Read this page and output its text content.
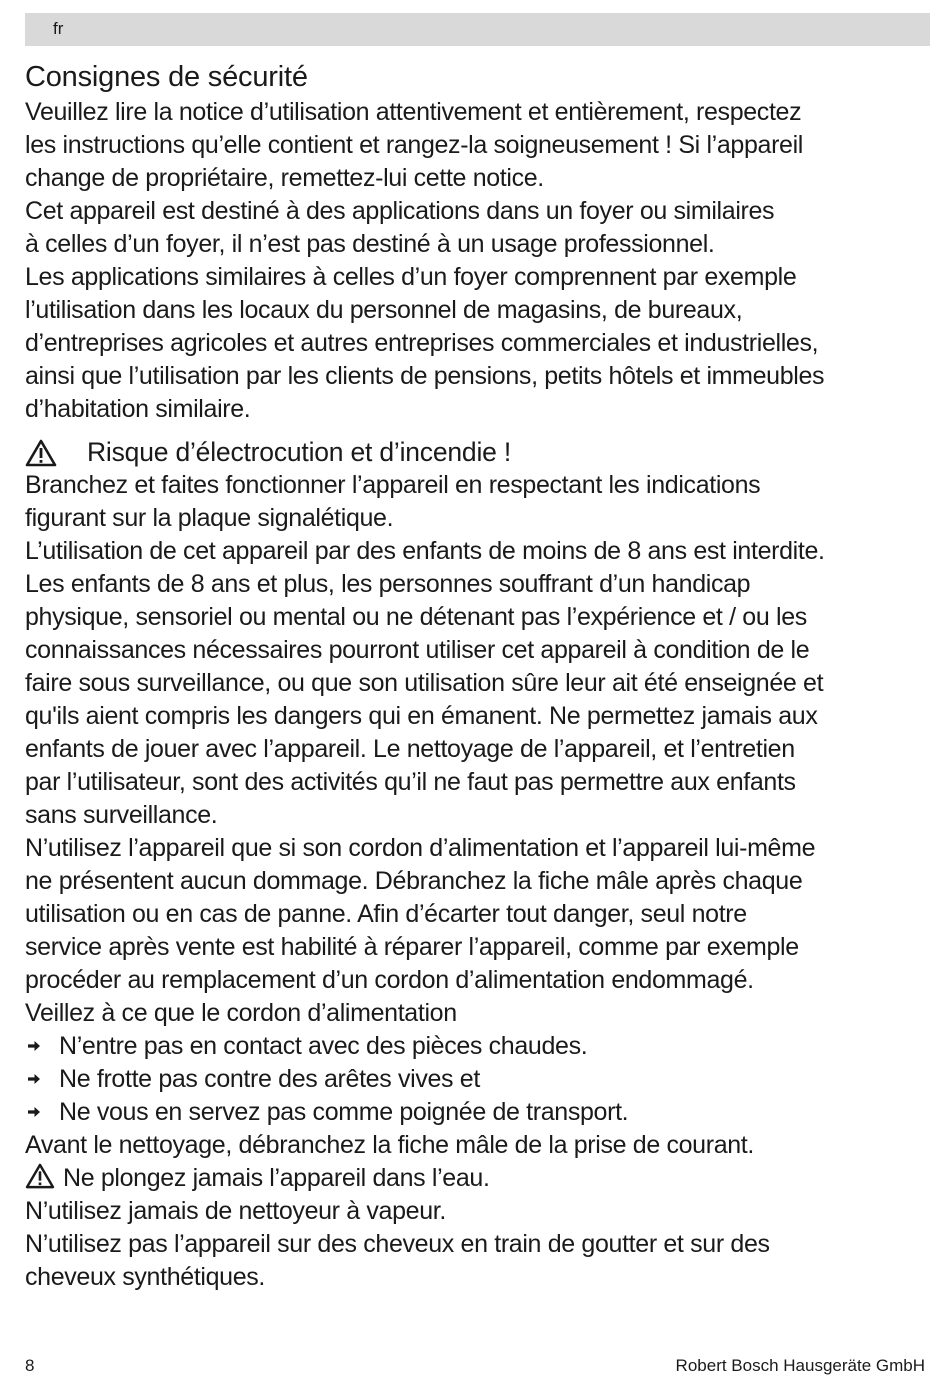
fr
Consignes de sécurité
Veuillez lire la notice d’utilisation attentivement et entièrement, respectez
les instructions qu’elle contient et rangez-la soigneusement ! Si l’appareil
change de propriétaire, remettez-lui cette notice.
Cet appareil est destiné à des applications dans un foyer ou similaires
à celles d’un foyer, il n’est pas destiné à un usage professionnel.
Les applications similaires à celles d’un foyer comprennent par exemple
l’utilisation dans les locaux du personnel de magasins, de bureaux,
d’entreprises agricoles et autres entreprises commerciales et industrielles,
ainsi que l’utilisation par les clients de pensions, petits hôtels et immeubles
d’habitation similaire.
Risque d’électrocution et d’incendie !
Branchez et faites fonctionner l’appareil en respectant les indications
figurant sur la plaque signalétique.
L’utilisation de cet appareil par des enfants de moins de 8 ans est interdite.
Les enfants de 8 ans et plus, les personnes souffrant d’un handicap
physique, sensoriel ou mental ou ne détenant pas l’expérience et / ou les
connaissances nécessaires pourront utiliser cet appareil à condition de le
faire sous surveillance, ou que son utilisation sûre leur ait été enseignée et
qu'ils aient compris les dangers qui en émanent. Ne permettez jamais aux
enfants de jouer avec l’appareil. Le nettoyage de l’appareil, et l’entretien
par l’utilisateur, sont des activités qu’il ne faut pas permettre aux enfants
sans surveillance.
N’utilisez l’appareil que si son cordon d’alimentation et l’appareil lui-même
ne présentent aucun dommage. Débranchez la fiche mâle après chaque
utilisation ou en cas de panne. Afin d’écarter tout danger, seul notre
service après vente est habilité à réparer l’appareil, comme par exemple
procéder au remplacement d’un cordon d’alimentation endommagé.
Veillez à ce que le cordon d’alimentation
N’entre pas en contact avec des pièces chaudes.
Ne frotte pas contre des arêtes vives et
Ne vous en servez pas comme poignée de transport.
Avant le nettoyage, débranchez la fiche mâle de la prise de courant.
Ne plongez jamais l’appareil dans l’eau.
N’utilisez jamais de nettoyeur à vapeur.
N’utilisez pas l’appareil sur des cheveux en train de goutter et sur des
cheveux synthétiques.
8	Robert Bosch Hausgeräte GmbH
